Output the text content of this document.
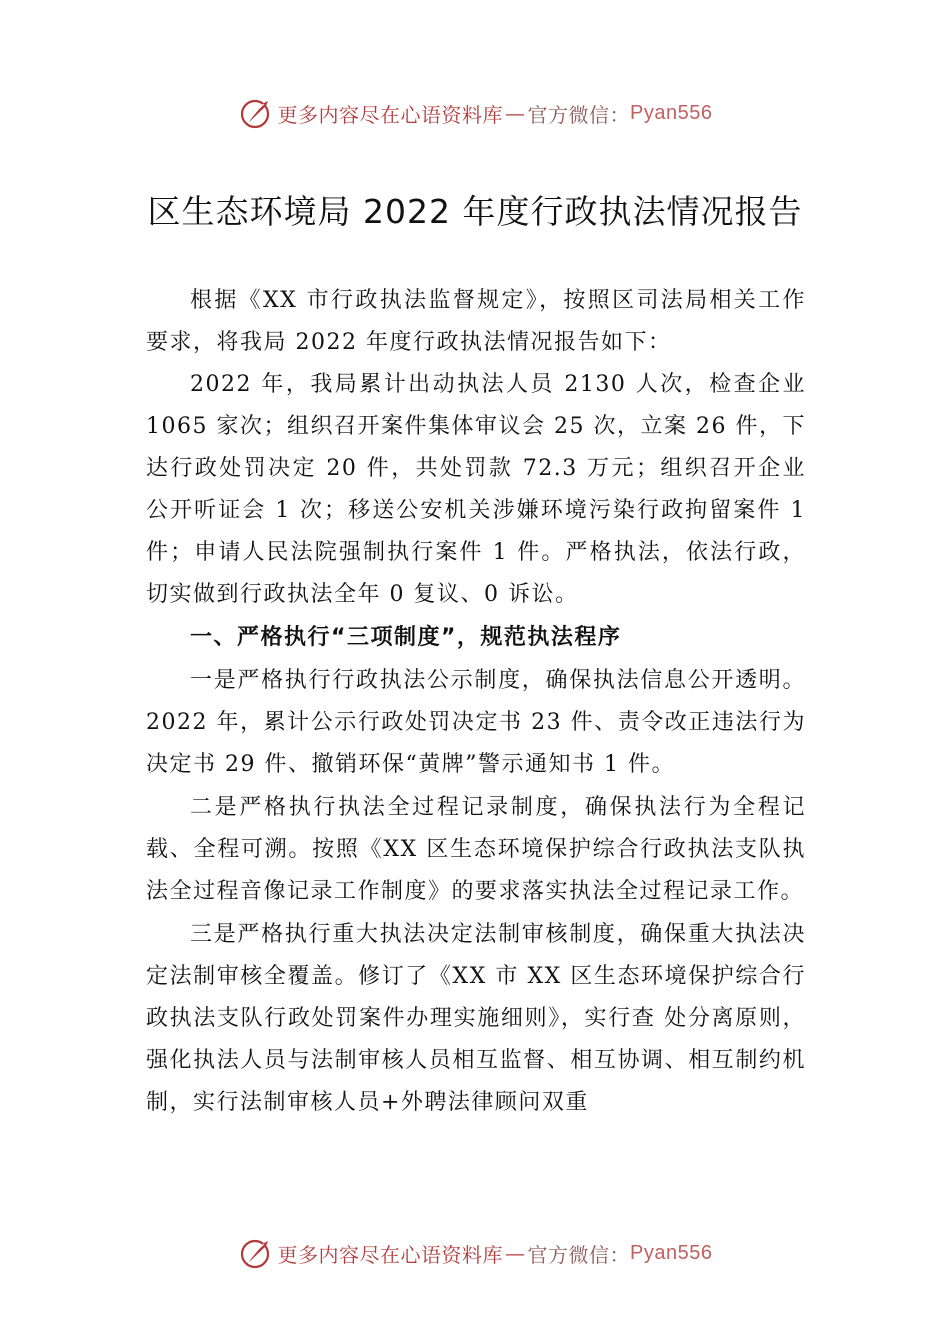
更多内容尽在心语资料库 — 官方微信： Pyan556
区生态环境局 2022 年度行政执法情况报告

根据《XX 市行政执法监督规定》，按照区司法局相关工作要求，将我局 2022 年度行政执法情况报告如下：

2022 年，我局累计出动执法人员 2130 人次，检查企业 1065 家次；组织召开案件集体审议会 25 次，立案 26 件，下达行政处罚决定 20 件，共处罚款 72.3 万元；组织召开企业公开听证会 1 次；移送公安机关涉嫌环境污染行政拘留案件 1 件；申请人民法院强制执行案件 1 件。严格执法，依法行政，切实做到行政执法全年 0 复议、0 诉讼。

一、严格执行“三项制度”，规范执法程序

一是严格执行行政执法公示制度，确保执法信息公开透明。2022 年，累计公示行政处罚决定书 23 件、责令改正违法行为决定书 29 件、撤销环保“黄牌”警示通知书 1 件。

二是严格执行执法全过程记录制度，确保执法行为全程记载、全程可溯。按照《XX 区生态环境保护综合行政执法支队执法全过程音像记录工作制度》的要求落实执法全过程记录工作。

三是严格执行重大执法决定法制审核制度，确保重大执法决定法制审核全覆盖。修订了《XX 市 XX 区生态环境保护综合行政执法支队行政处罚案件办理实施细则》，实行查 处分离原则，强化执法人员与法制审核人员相互监督、相互协调、相互制约机制，实行法制审核人员+外聘法律顾问双重

更多内容尽在心语资料库 — 官方微信： Pyan556
